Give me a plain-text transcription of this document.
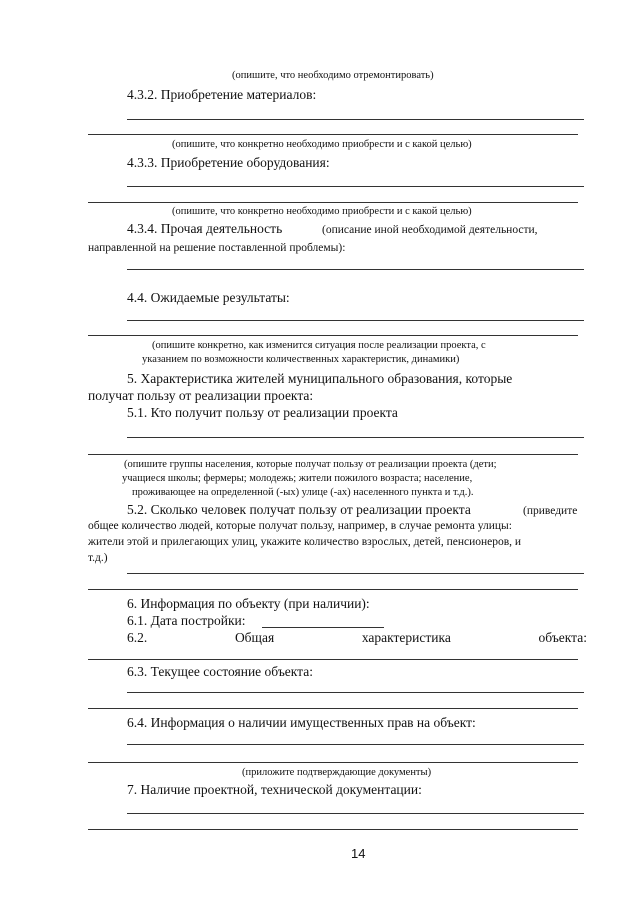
(опишите, что необходимо отремонтировать)
4.3.2. Приобретение материалов:
(опишите, что конкретно необходимо приобрести и с какой целью)
4.3.3. Приобретение оборудования:
(опишите, что конкретно необходимо приобрести и с какой целью)
4.3.4. Прочая деятельность	(описание иной необходимой деятельности,
направленной на решение поставленной проблемы):
4.4. Ожидаемые результаты:
(опишите конкретно, как изменится ситуация после реализации проекта, с
указанием по возможности количественных характеристик, динамики)
5. Характеристика жителей муниципального образования, которые
получат пользу от реализации проекта:
5.1. Кто получит пользу от реализации проекта
(опишите группы населения, которые получат пользу от реализации проекта (дети;
учащиеся школы; фермеры; молодежь; жители пожилого возраста; население,
проживающее на определенной (-ых) улице (-ах) населенного пункта и т.д.).
5.2. Сколько человек получат пользу от реализации проекта	(приведите
общее количество людей, которые получат пользу, например, в случае ремонта улицы:
жители этой и прилегающих улиц, укажите количество взрослых, детей, пенсионеров, и
т.д.)
6. Информация по объекту (при наличии):
6.1. Дата постройки:
6.2.	Общая	характеристика	объекта:
6.3. Текущее состояние объекта:
6.4. Информация о наличии имущественных прав на объект:
(приложите подтверждающие документы)
7. Наличие проектной, технической документации:
14
